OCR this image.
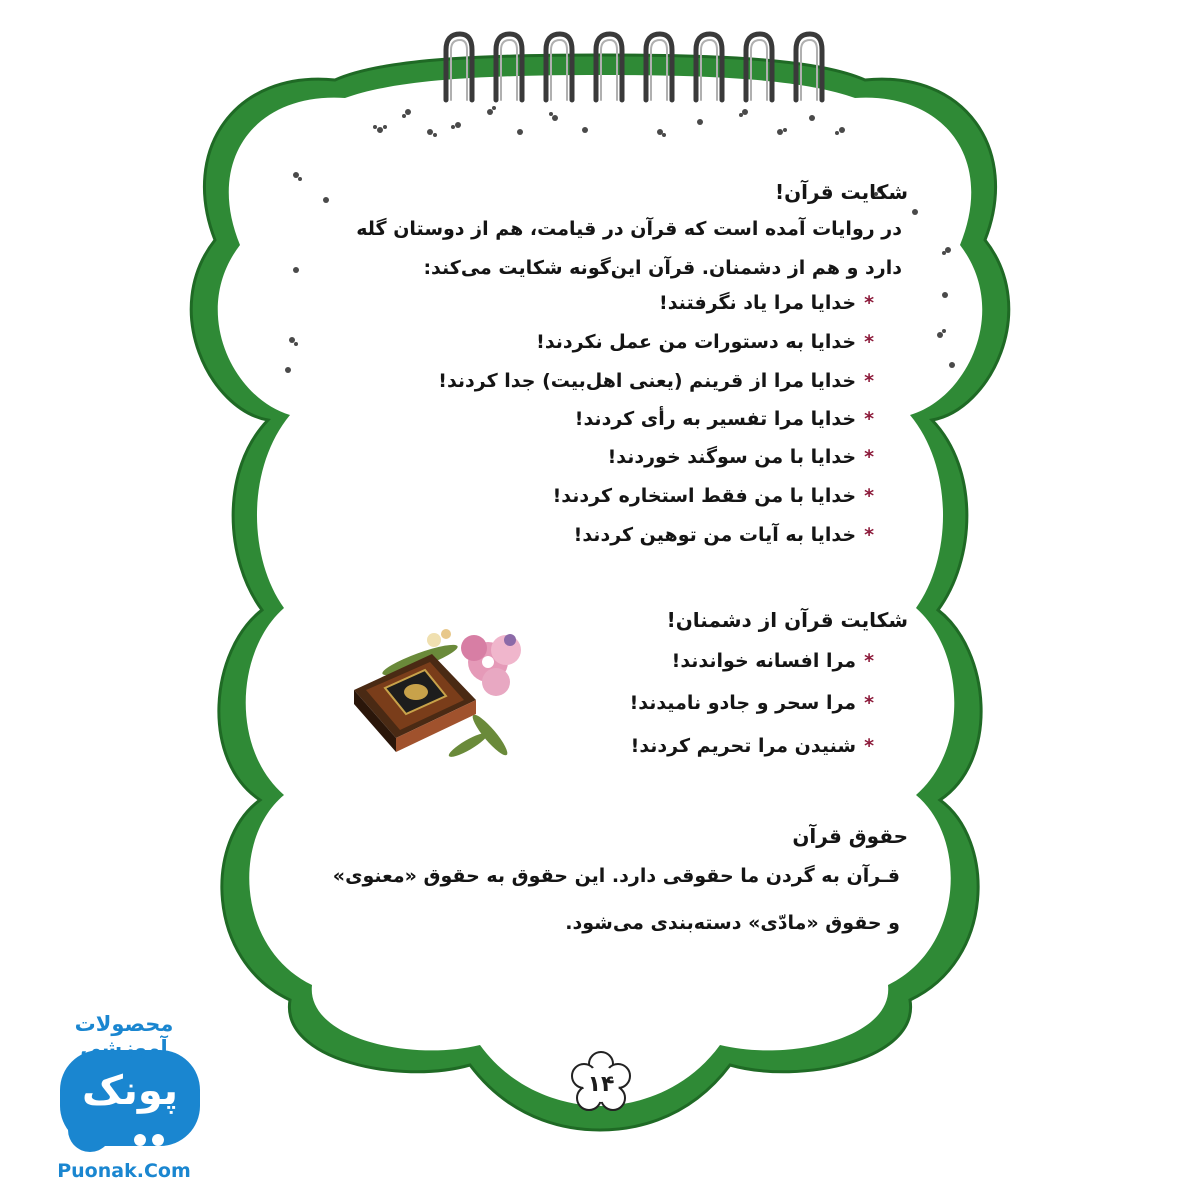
شکایت قرآن!
در روایات آمده است که قرآن در قیامت، هم از دوستان گله
دارد و هم از دشمنان. قرآن این‌گونه شکایت می‌کند:
*خدایا مرا یاد نگرفتند!
*خدایا به دستورات من عمل نکردند!
*خدایا مرا از قرینم (یعنی اهل‌بیت) جدا کردند!
*خدایا مرا تفسیر به رأی کردند!
*خدایا با من سوگند خوردند!
*خدایا با من فقط استخاره کردند!
*خدایا به آیات من توهین کردند!
شکایت قرآن از دشمنان!
*مرا افسانه خواندند!
*مرا سحر و جادو نامیدند!
*شنیدن مرا تحریم کردند!
حقوق قرآن
قـرآن به گردن ما حقوقی دارد. این حقوق به حقوق «معنوی»
و حقوق «مادّی» دسته‌بندی می‌شود.
۱۴
محصولات آموزشی
پونک
Puonak.Com
